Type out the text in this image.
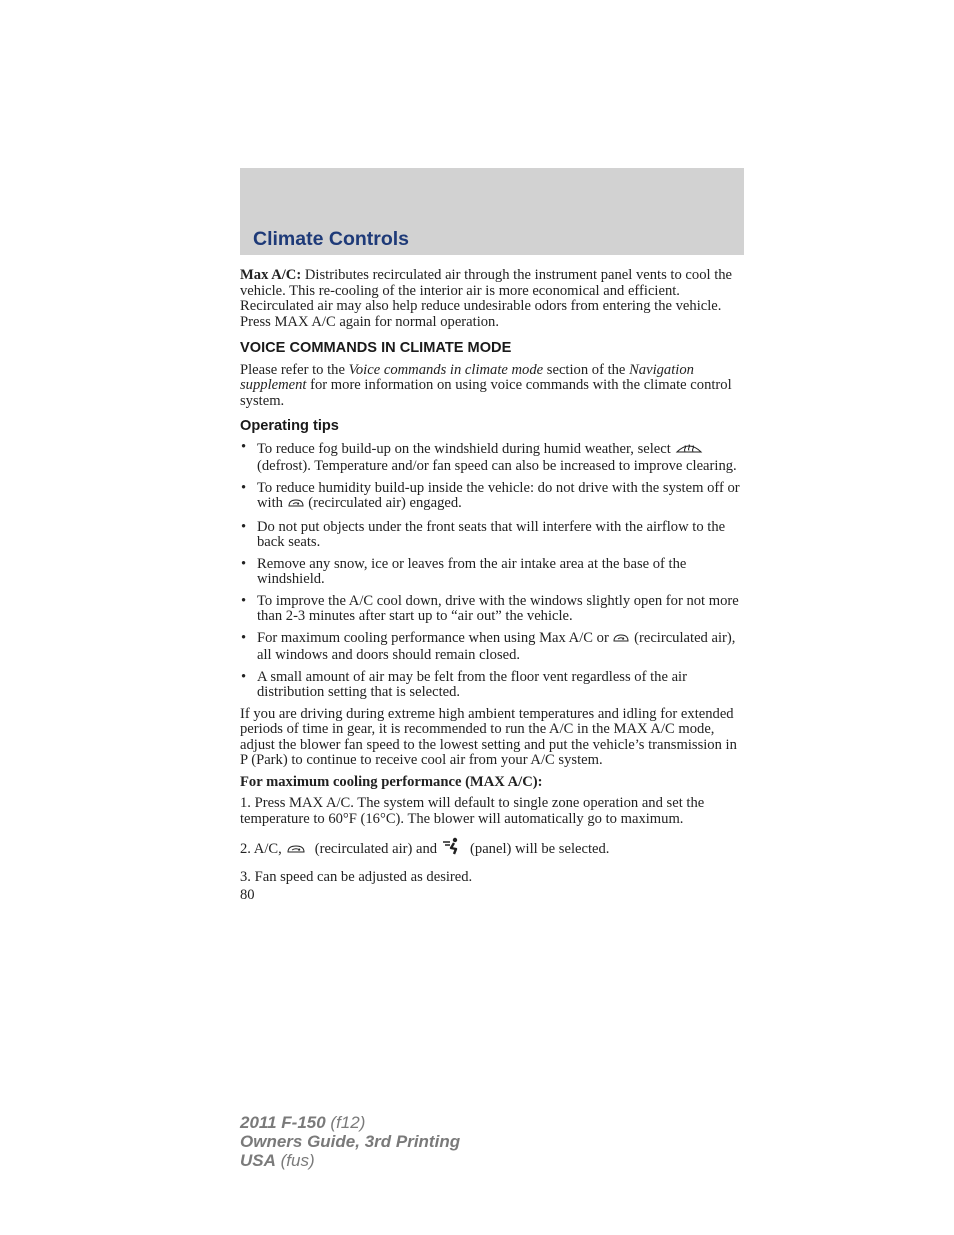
Climate Controls

Max A/C: Distributes recirculated air through the instrument panel vents to cool the vehicle. This re-cooling of the interior air is more economical and efficient. Recirculated air may also help reduce undesirable odors from entering the vehicle. Press MAX A/C again for normal operation.

VOICE COMMANDS IN CLIMATE MODE

Please refer to the Voice commands in climate mode section of the Navigation supplement for more information on using voice commands with the climate control system.

Operating tips
• To reduce fog build-up on the windshield during humid weather, select  (defrost). Temperature and/or fan speed can also be increased to improve clearing.
• To reduce humidity build-up inside the vehicle: do not drive with the system off or with  (recirculated air) engaged.
• Do not put objects under the front seats that will interfere with the airflow to the back seats.
• Remove any snow, ice or leaves from the air intake area at the base of the windshield.
• To improve the A/C cool down, drive with the windows slightly open for not more than 2-3 minutes after start up to “air out” the vehicle.
• For maximum cooling performance when using Max A/C or  (recirculated air), all windows and doors should remain closed.
• A small amount of air may be felt from the floor vent regardless of the air distribution setting that is selected.

If you are driving during extreme high ambient temperatures and idling for extended periods of time in gear, it is recommended to run the A/C in the MAX A/C mode, adjust the blower fan speed to the lowest setting and put the vehicle’s transmission in P (Park) to continue to receive cool air from your A/C system.

For maximum cooling performance (MAX A/C):

1. Press MAX A/C. The system will default to single zone operation and set the temperature to 60°F (16°C). The blower will automatically go to maximum.

2. A/C,   (recirculated air) and   (panel) will be selected.

3. Fan speed can be adjusted as desired.

80
2011 F-150 (f12)
Owners Guide, 3rd Printing
USA (fus)
